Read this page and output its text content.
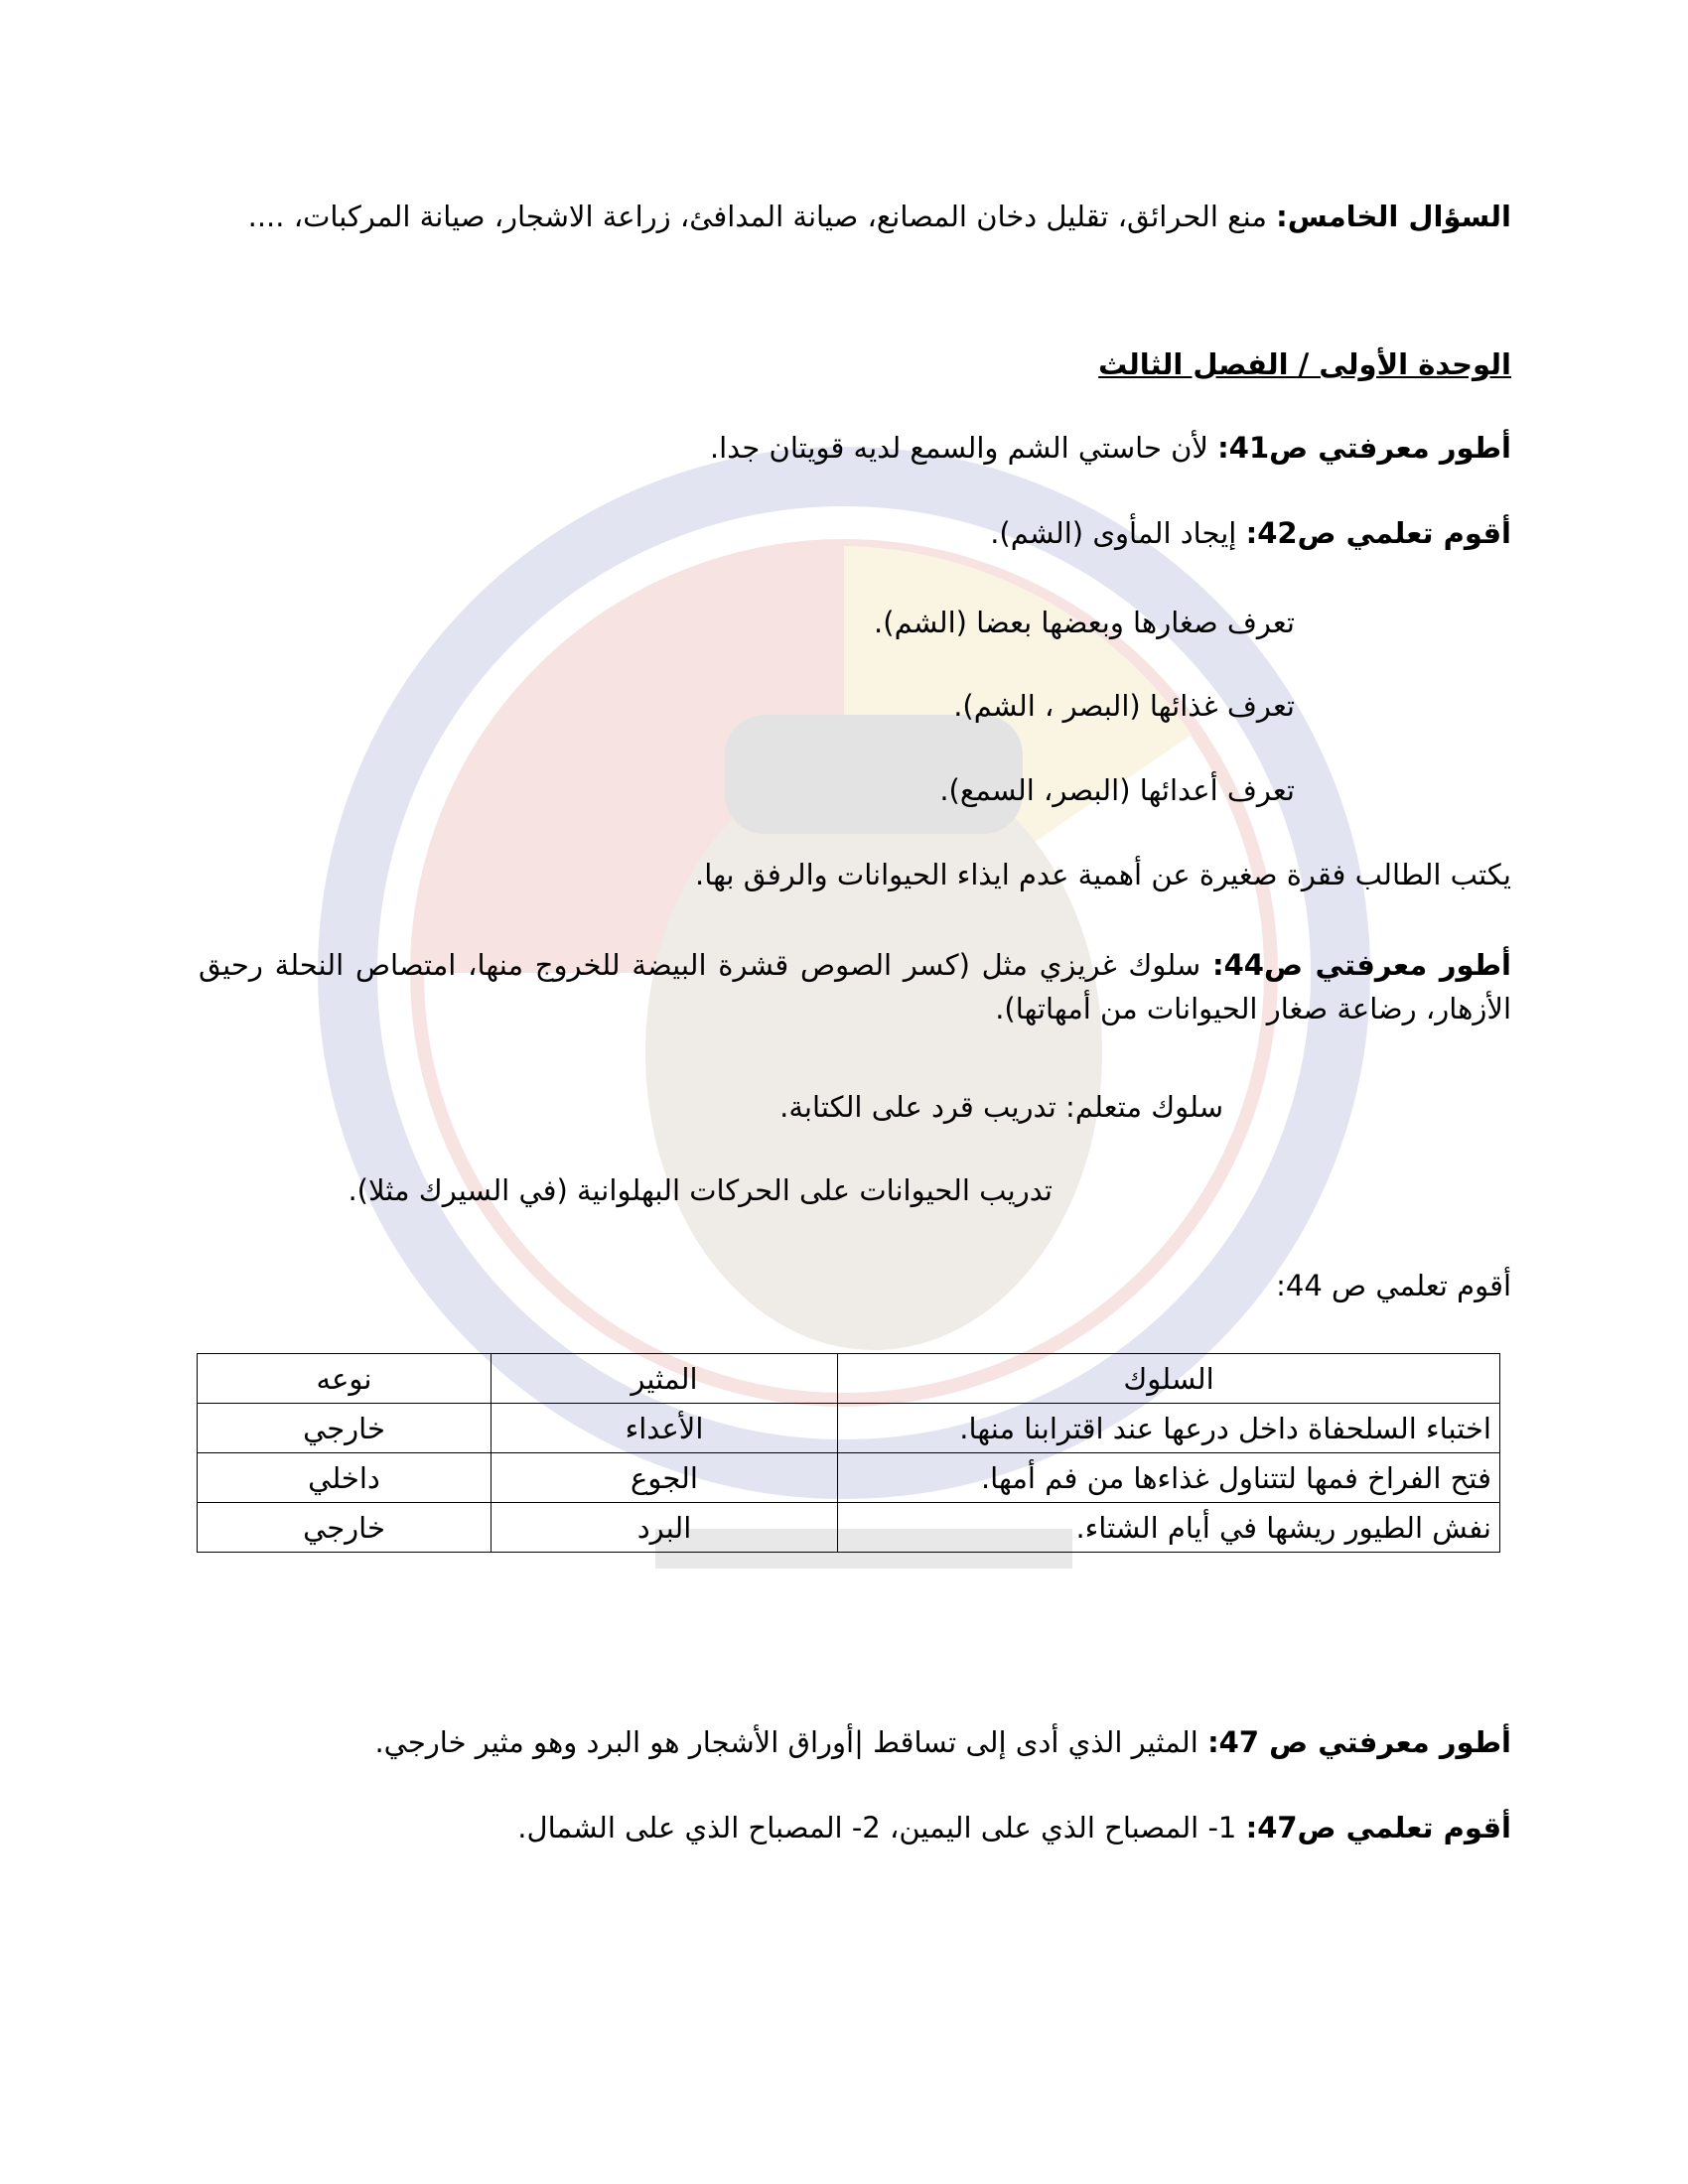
السؤال الخامس: منع الحرائق، تقليل دخان المصانع، صيانة المدافئ، زراعة الاشجار، صيانة المركبات، ....
الوحدة الأولى / الفصل الثالث
أطور معرفتي ص41: لأن حاستي الشم والسمع لديه قويتان جدا.
أقوم تعلمي ص42: إيجاد المأوى (الشم).
تعرف صغارها وبعضها بعضا (الشم).
تعرف غذائها (البصر ، الشم).
تعرف أعدائها (البصر، السمع).
يكتب الطالب فقرة صغيرة عن أهمية عدم ايذاء الحيوانات والرفق بها.
أطور معرفتي ص44: سلوك غريزي مثل (كسر الصوص قشرة البيضة للخروج منها، امتصاص النحلة رحيق الأزهار، رضاعة صغار الحيوانات من أمهاتها).
سلوك متعلم: تدريب قرد على الكتابة.
تدريب الحيوانات على الحركات البهلوانية (في السيرك مثلا).
أقوم تعلمي ص 44:
السلوك	المثير	نوعه
اختباء السلحفاة داخل درعها عند اقترابنا منها.	الأعداء	خارجي
فتح الفراخ فمها لتتناول غذاءها من فم أمها.	الجوع	داخلي
نفش الطيور ريشها في أيام الشتاء.	البرد	خارجي
أطور معرفتي ص 47: المثير الذي أدى إلى تساقط |أوراق الأشجار هو البرد وهو مثير خارجي.
أقوم تعلمي ص47: 1- المصباح الذي على اليمين، 2- المصباح الذي على الشمال.
